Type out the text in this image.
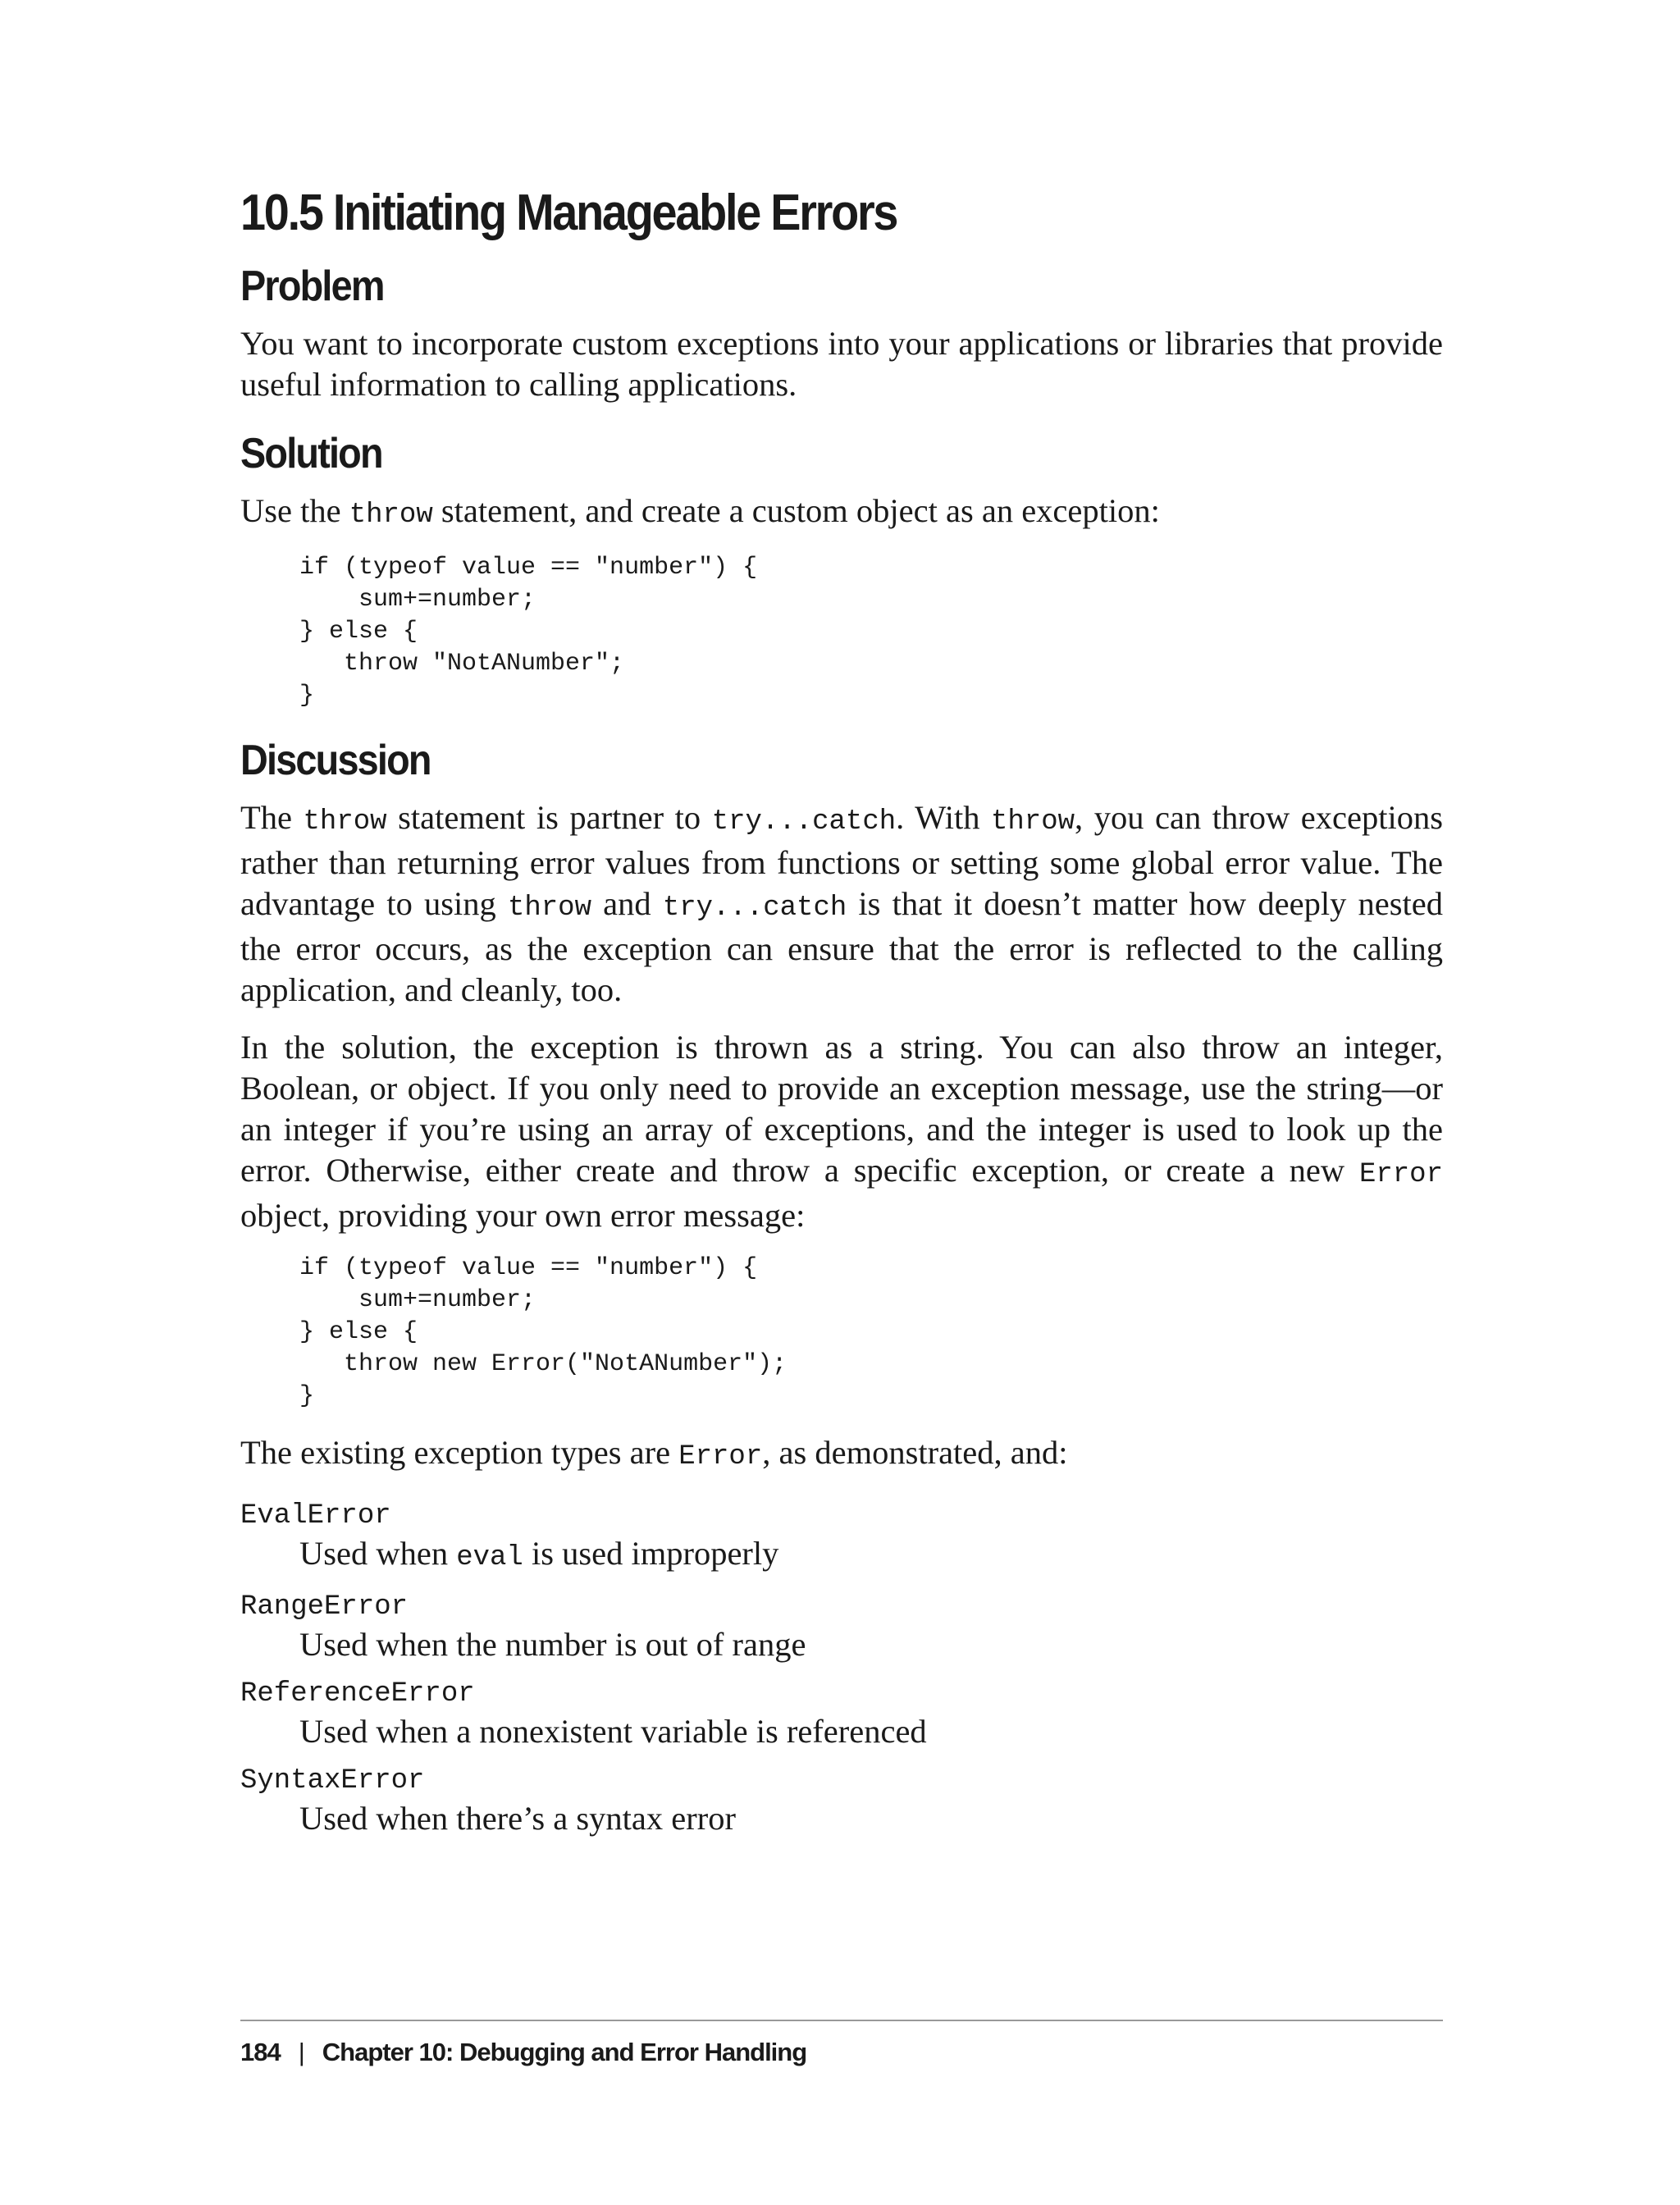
10.5 Initiating Manageable Errors
Problem

You want to incorporate custom exceptions into your applications or libraries that provide useful information to calling applications.

Solution

Use the throw statement, and create a custom object as an exception:

if (typeof value == "number") {
sum+=number;
} else {
throw "NotANumber";
}
Discussion

The throw statement is partner to try...catch. With throw, you can throw exceptions rather than returning error values from functions or setting some global error value. The advantage to using throw and try...catch is that it doesn’t matter how deeply nested the error occurs, as the exception can ensure that the error is reflected to the calling application, and cleanly, too.

In the solution, the exception is thrown as a string. You can also throw an integer, Boolean, or object. If you only need to provide an exception message, use the string—or an integer if you’re using an array of exceptions, and the integer is used to look up the error. Otherwise, either create and throw a specific exception, or create a new Error object, providing your own error message:

if (typeof value == "number") {
sum+=number;
} else {
throw new Error("NotANumber");
}

The existing exception types are Error, as demonstrated, and:

EvalError
Used when eval is used improperly
RangeError
Used when the number is out of range
ReferenceError
Used when a nonexistent variable is referenced
SyntaxError
Used when there’s a syntax error
184 | Chapter 10: Debugging and Error Handling
